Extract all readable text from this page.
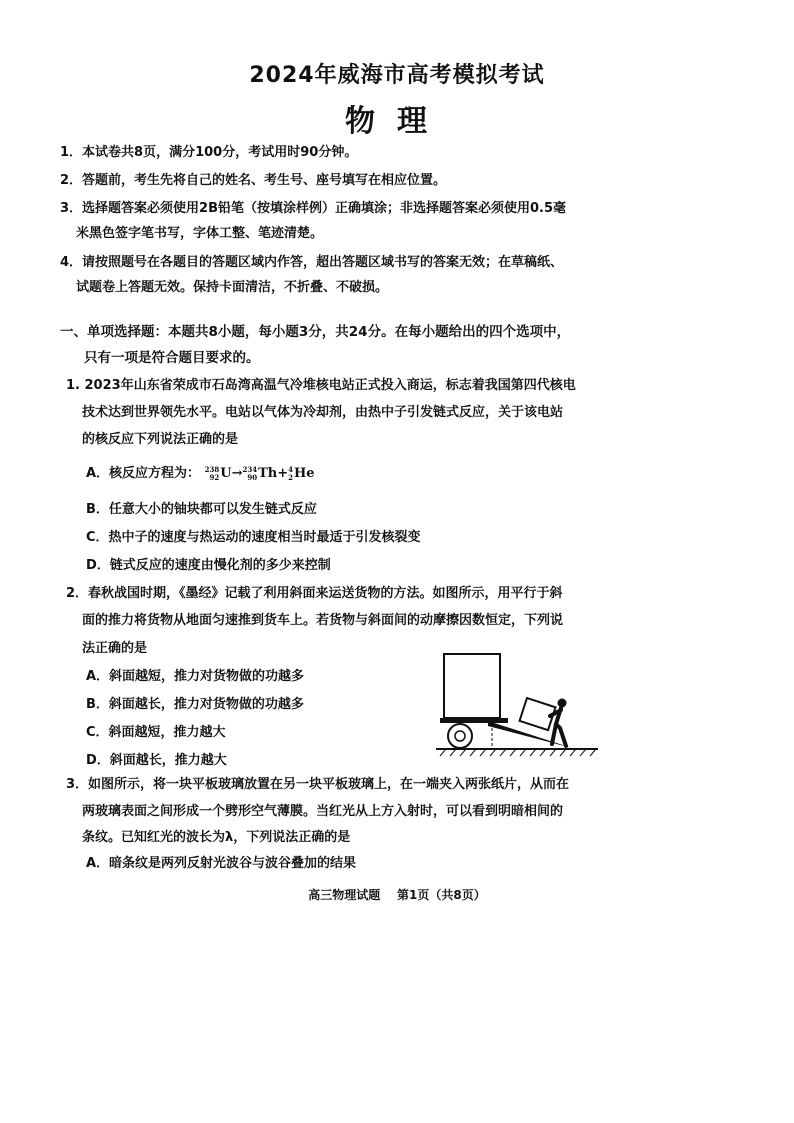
2024年威海市高考模拟考试
物理
1．本试卷共8页，满分100分，考试用时90分钟。
2．答题前，考生先将自己的姓名、考生号、座号填写在相应位置。
3．选择题答案必须使用2B铅笔（按填涂样例）正确填涂；非选择题答案必须使用0.5毫
米黑色签字笔书写，字体工整、笔迹清楚。
4．请按照题号在各题目的答题区域内作答，超出答题区域书写的答案无效；在草稿纸、
试题卷上答题无效。保持卡面清洁，不折叠、不破损。
一、单项选择题：本题共8小题，每小题3分，共24分。在每小题给出的四个选项中，
只有一项是符合题目要求的。
1. 2023年山东省荣成市石岛湾高温气冷堆核电站正式投入商运，标志着我国第四代核电
技术达到世界领先水平。电站以气体为冷却剂，由热中子引发链式反应，关于该电站
的核反应下列说法正确的是
A．核反应方程为： 238
92 U→ 234
90 Th+ 4
2 He
B．任意大小的铀块都可以发生链式反应
C．热中子的速度与热运动的速度相当时最适于引发核裂变
D．链式反应的速度由慢化剂的多少来控制
2．春秋战国时期，《墨经》记载了利用斜面来运送货物的方法。如图所示，用平行于斜
面的推力将货物从地面匀速推到货车上。若货物与斜面间的动摩擦因数恒定，下列说
法正确的是
A．斜面越短，推力对货物做的功越多
B．斜面越长，推力对货物做的功越多
C．斜面越短，推力越大
D．斜面越长，推力越大
3．如图所示，将一块平板玻璃放置在另一块平板玻璃上，在一端夹入两张纸片，从而在
两玻璃表面之间形成一个劈形空气薄膜。当红光从上方入射时，可以看到明暗相间的
条纹。已知红光的波长为λ，下列说法正确的是
A．暗条纹是两列反射光波谷与波谷叠加的结果
高三物理试题    第1页（共8页）
